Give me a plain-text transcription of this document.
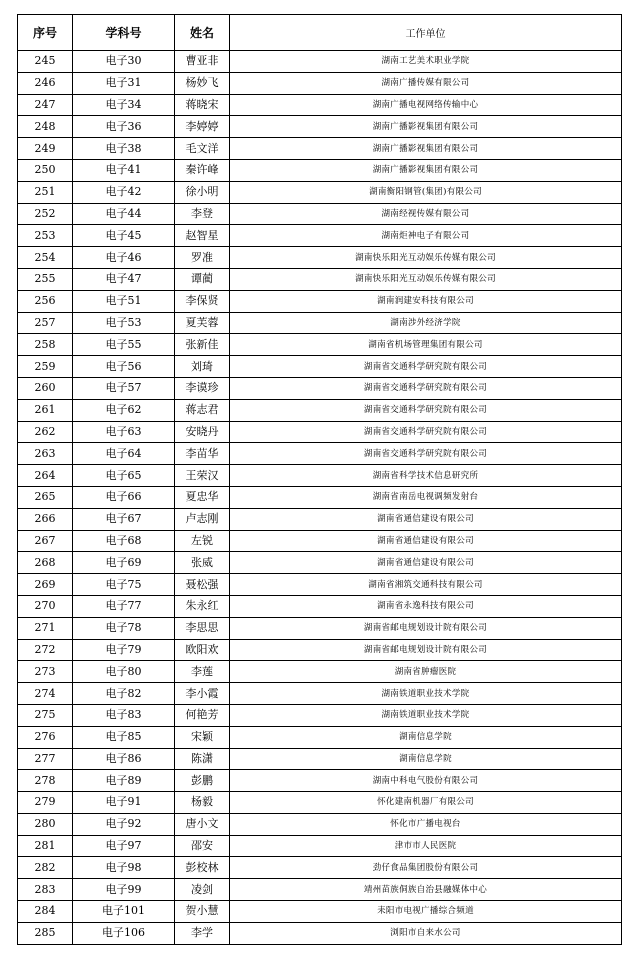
序号	学科号	姓名	工作单位
245	电子30	曹亚非	湖南工艺美术职业学院
246	电子31	杨妙飞	湖南广播传媒有限公司
247	电子34	蒋晓宋	湖南广播电视网络传输中心
248	电子36	李婷婷	湖南广播影视集团有限公司
249	电子38	毛文洋	湖南广播影视集团有限公司
250	电子41	秦许峰	湖南广播影视集团有限公司
251	电子42	徐小明	湖南衡阳钢管(集团)有限公司
252	电子44	李登	湖南经视传媒有限公司
253	电子45	赵智星	湖南炬神电子有限公司
254	电子46	罗准	湖南快乐阳光互动娱乐传媒有限公司
255	电子47	谭蔺	湖南快乐阳光互动娱乐传媒有限公司
256	电子51	李保贤	湖南润建安科技有限公司
257	电子53	夏芙蓉	湖南涉外经济学院
258	电子55	张新佳	湖南省机场管理集团有限公司
259	电子56	刘琦	湖南省交通科学研究院有限公司
260	电子57	李谟珍	湖南省交通科学研究院有限公司
261	电子62	蒋志君	湖南省交通科学研究院有限公司
262	电子63	安晓丹	湖南省交通科学研究院有限公司
263	电子64	李苗华	湖南省交通科学研究院有限公司
264	电子65	王荣汉	湖南省科学技术信息研究所
265	电子66	夏忠华	湖南省南岳电视调频发射台
266	电子67	卢志刚	湖南省通信建设有限公司
267	电子68	左锐	湖南省通信建设有限公司
268	电子69	张威	湖南省通信建设有限公司
269	电子75	聂松强	湖南省湘筑交通科技有限公司
270	电子77	朱永红	湖南省永逸科技有限公司
271	电子78	李思思	湖南省邮电规划设计院有限公司
272	电子79	欧阳欢	湖南省邮电规划设计院有限公司
273	电子80	李莲	湖南省肿瘤医院
274	电子82	李小霞	湖南铁道职业技术学院
275	电子83	何艳芳	湖南铁道职业技术学院
276	电子85	宋颖	湖南信息学院
277	电子86	陈潇	湖南信息学院
278	电子89	彭鹏	湖南中科电气股份有限公司
279	电子91	杨毅	怀化建南机器厂有限公司
280	电子92	唐小文	怀化市广播电视台
281	电子97	邵安	津市市人民医院
282	电子98	彭校林	劲仔食品集团股份有限公司
283	电子99	凌剑	靖州苗族侗族自治县融媒体中心
284	电子101	贺小慧	耒阳市电视广播综合频道
285	电子106	李学	浏阳市自来水公司
